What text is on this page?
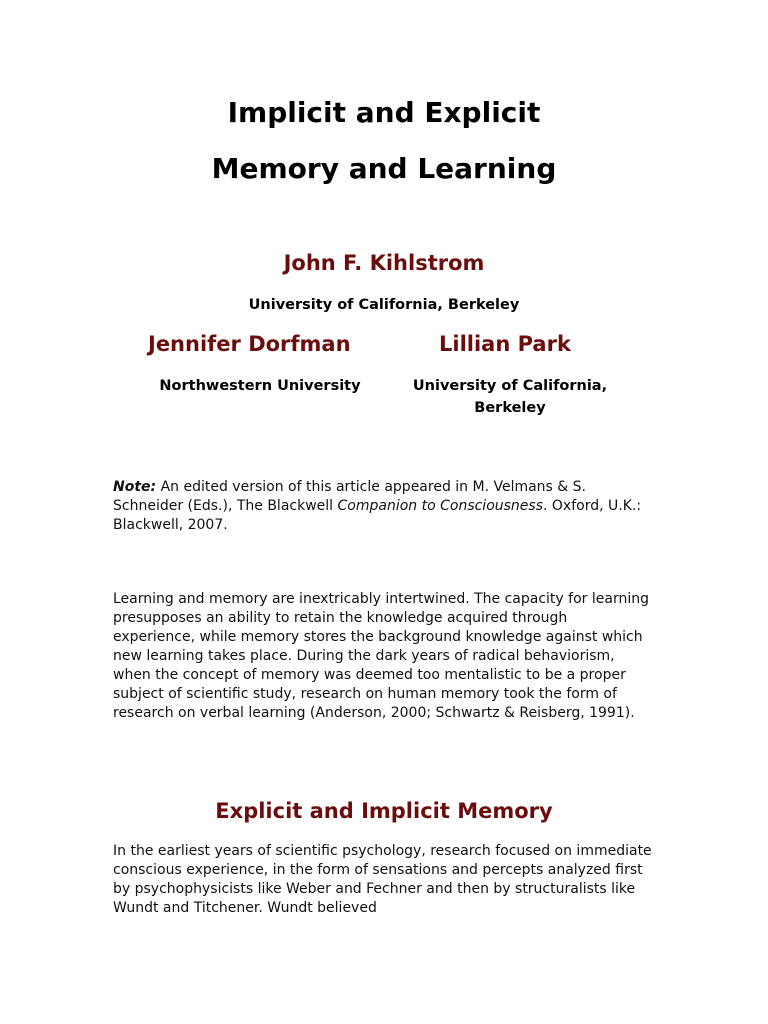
Implicit and Explicit
Memory and Learning

John F. Kihlstrom

University of California, Berkeley

Jennifer Dorfman	Lillian Park

Northwestern University	University of California, Berkeley

Note: An edited version of this article appeared in M. Velmans & S. Schneider (Eds.), The Blackwell Companion to Consciousness. Oxford, U.K.: Blackwell, 2007.

Learning and memory are inextricably intertwined. The capacity for learning presupposes an ability to retain the knowledge acquired through experience, while memory stores the background knowledge against which new learning takes place. During the dark years of radical behaviorism, when the concept of memory was deemed too mentalistic to be a proper subject of scientific study, research on human memory took the form of research on verbal learning (Anderson, 2000; Schwartz & Reisberg, 1991).

Explicit and Implicit Memory

In the earliest years of scientific psychology, research focused on immediate conscious experience, in the form of sensations and percepts analyzed first by psychophysicists like Weber and Fechner and then by structuralists like Wundt and Titchener. Wundt believed
